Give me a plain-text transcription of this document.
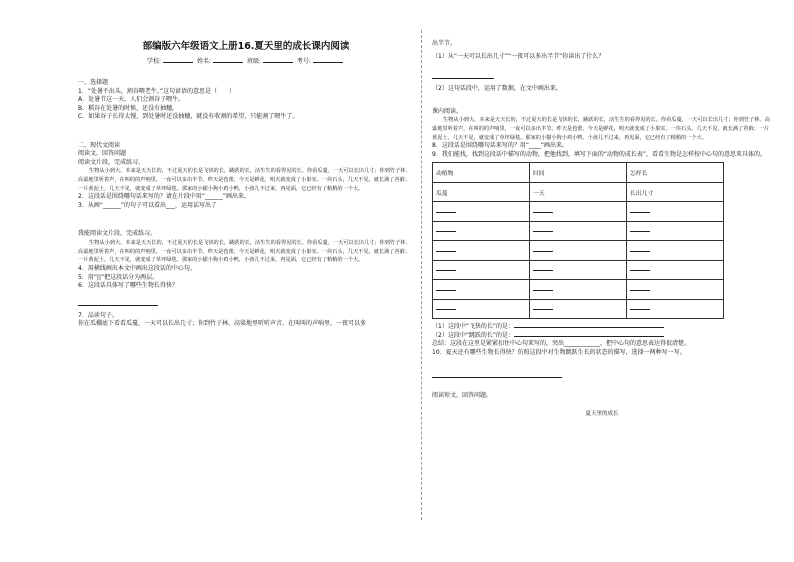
部编版六年级语文上册16.夏天里的成长课内阅读
学校:	姓名:	班级:	考号:

一、选择题

1．“处暑不出头，割谷喂老牛。”这句谚语的意思是（　　）

A．处暑节这一天，人们会割谷子喂牛。

B．稻谷在处暑的时候，还没有抽穗。

C．如果谷子长得太慢，到处暑时还没抽穗，就没有收割的希望，只能割了喂牛了。

二、现代文阅读

阅读文，回答问题

阅读文片段，完成练习。

生物从小到大，本来是天天长的，不过夏天的长是飞快的长，跳跃的长，活生生的看得见的长。你看瓜蔓，一天可以长出几寸；你到竹子林、高粱地里听着声，在叫的的声响里，一夜可以多出半节。昨天是苞蕾，今天是鲜花，明天就变成了小果实。一块石头，几天不见，就长满了苔藓；一片黄泥土，几天不见，就变成了草坪绿毯。那家的小猫小狗小鸡小鸭，小孩儿不过来，再见面，它已经有了稍稍的一个大。

2．这段话是围绕哪句话来写的？请在片段中用“______”画出来。

3．从画“______”的句子可以看出___，运用话写出了

我能阅读文片段，完成练习。

生物从小到大，本来是天天长的，不过夏天的长是飞快的长，跳跃的长，活生生的看得见的长。你看瓜蔓，一天可以长出几寸；你到竹子林、高粱地里听着声，在叫的的声响里，一夜可以多出半节。昨天是苞蕾，今天是鲜花，明天就变成了小果实。一块石头，几天不见，就长满了苔藓；一片黄泥土，几天不见，就变成了草坪绿毯。那家的小猫小狗小鸡小鸭，小孩儿不过来，再见面，它已经有了稍稍的一个大。

4．用横线画出本文中画出这段话的中心句。

5．用“||”把这段话分为两层。

6．这段话具体写了哪些生物长得快？

7．品读句子。

你在瓜棚底下看看瓜蔓，一天可以长出几寸；你到竹子林、高粱地里听听声音，在叫叫的声响里，一夜可以多

出半节。

（1）从“一天可以长出几寸”“一夜可以多出半节”你读出了什么？

（2）这句话段中，运用了数据，在文中画出来。

课内阅读。

生物从小到大，本来是天天长的，不过夏天的长是飞快的长，跳跃的长，活生生的看得见的长。你看瓜蔓，一天可以长出几寸；你到竹子林、高粱地里听着声，在叫的的声响里，一夜可以多出半节。昨天是苞蕾，今天是鲜花，明天就变成了小果实。一块石头，几天不见，就长满了苔藓；一片黄泥土，几天不见，就变成了草坪绿毯。那家的小猫小狗小鸡小鸭，小孩儿不过来，再见面，它已经有了稍稍的一个大。

8．这段话是围绕哪句话来写的？用“____”画出来。

9．我们能找，找到这段话中描写的动物，把他找到，填写下面的“动物的成长表”，看看生物是怎样按中心句的意思来具体的。

动植物	时间	怎样长
瓜蔓	一天	长出几寸

（1）这段中“飞快的长”的是：

（2）这段中“跳跃的长”的是：

总结：这段在这里是紧紧扣住中心句来写的，突出____________，把中心句的意思表达得很清楚。

10．夏天还有哪些生物长得快？仿照这段中对生物跳跃生长的状态的描写，选择一两种写一写。

阅读短文，回答问题。

夏天里的成长
